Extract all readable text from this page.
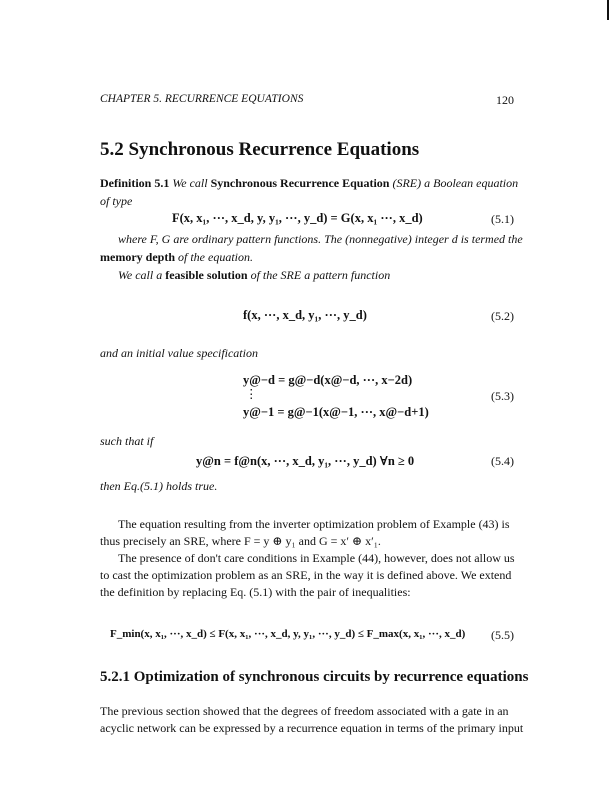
CHAPTER 5. RECURRENCE EQUATIONS	120
5.2 Synchronous Recurrence Equations
Definition 5.1 We call Synchronous Recurrence Equation (SRE) a Boolean equation
of type
F(x, x₁, ···, x_d, y, y₁, ···, y_d) = G(x, x₁ ···, x_d)	(5.1)
where F, G are ordinary pattern functions. The (nonnegative) integer d is termed the
memory depth of the equation.
We call a feasible solution of the SRE a pattern function
f(x, ···, x_d, y₁, ···, y_d)	(5.2)
and an initial value specification
y@−d = g@−d(x@−d, ···, x−2d)
⋮	(5.3)
y@−1 = g@−1(x@−1, ···, x@−d+1)
such that if
y@n = f@n(x, ···, x_d, y₁, ···, y_d) ∀n ≥ 0	(5.4)
then Eq.(5.1) holds true.
The equation resulting from the inverter optimization problem of Example (43) is
thus precisely an SRE, where F = y ⊕ y₁ and G = x′ ⊕ x′₁.
The presence of don't care conditions in Example (44), however, does not allow us
to cast the optimization problem as an SRE, in the way it is defined above. We extend
the definition by replacing Eq. (5.1) with the pair of inequalities:
F_min(x, x₁, ···, x_d) ≤ F(x, x₁, ···, x_d, y, y₁, ···, y_d) ≤ F_max(x, x₁, ···, x_d) (5.5)
5.2.1 Optimization of synchronous circuits by recurrence equations
The previous section showed that the degrees of freedom associated with a gate in an
acyclic network can be expressed by a recurrence equation in terms of the primary input
